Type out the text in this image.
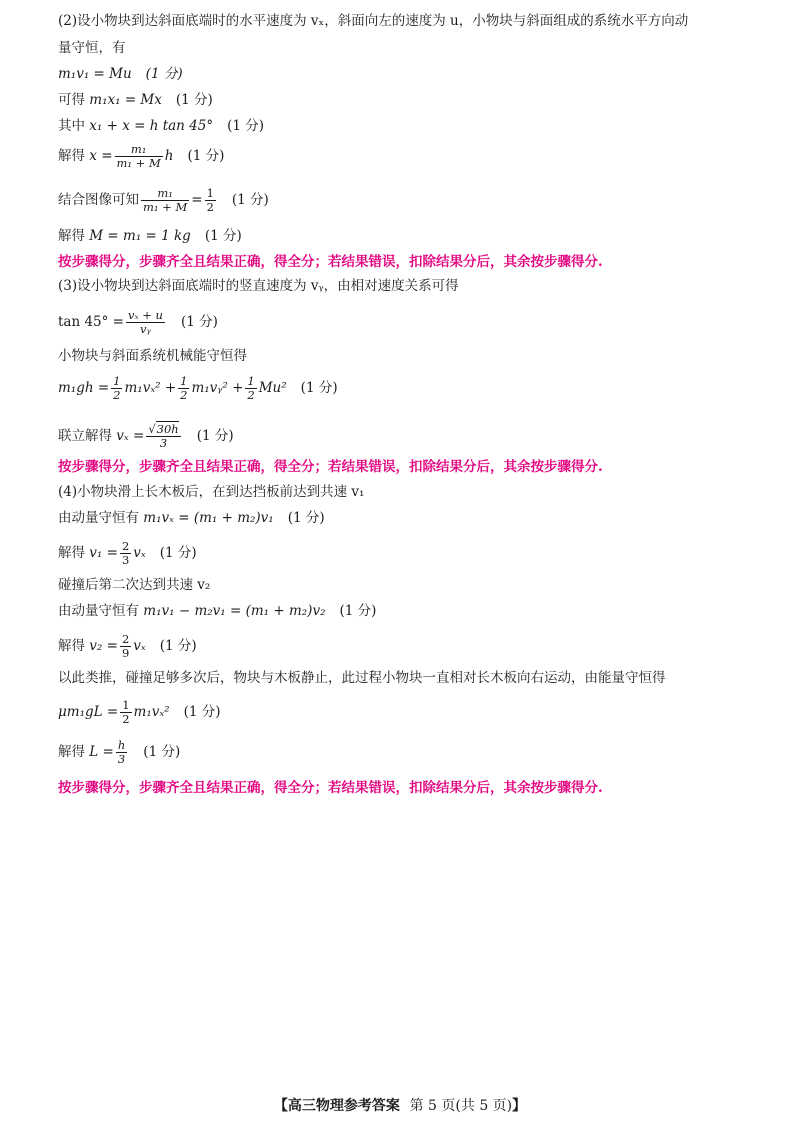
(2)设小物块到达斜面底端时的水平速度为 vₓ，斜面向左的速度为 u，小物块与斜面组成的系统水平方向动
量守恒，有
m₁v₁ = Mu (1 分)
可得 m₁x₁ = Mx (1 分)
其中 x₁ + x = h tan 45° (1 分)
解得 $x = \frac{\text{m₁}}{\text{m₁ + M}}$ h (1 分)
结合图像可知 $\frac{\text{m₁}}{\text{m₁ + M}} = \frac{1}{2} (1$ 分)
解得 M = m₁ = 1 kg (1 分)
按步骤得分，步骤齐全且结果正确，得全分；若结果错误，扣除结果分后，其余按步骤得分.
(3)设小物块到达斜面底端时的竖直速度为 vᵧ，由相对速度关系可得
$\tan 45^\circ = \frac{\text{vₓ + u}}{\text{vᵧ}} (1$ 分)
小物块与斜面系统机械能守恒得
$m_1gh = \frac{1}{2} m_1v_x^2 + \frac{1}{2}$ m₁vᵧ² + $\frac{1}{2} Mu^2$ (1 分)
联立解得 $v_x = \frac{√30h}{3} (1$ 分)
按步骤得分，步骤齐全且结果正确，得全分；若结果错误，扣除结果分后，其余按步骤得分.
(4)小物块滑上长木板后，在到达挡板前达到共速 v₁
由动量守恒有 m₁vₓ = (m₁ + m₂)v₁ (1 分)
解得 $v_1 = \frac{2}{3}$ vₓ (1 分)
碰撞后第二次达到共速 v₂
由动量守恒有 m₁v₁ − m₂v₁ = (m₁ + m₂)v₂ (1 分)
解得 $v_2 = \frac{2}{9}$ vₓ (1 分)
以此类推，碰撞足够多次后，物块与木板静止，此过程小物块一直相对长木板向右运动，由能量守恒得
$\mu m_1gL = \frac{1}{2} m_1v_x^2$ (1 分)
解得 $L = \frac{h}{3} (1$ 分)
按步骤得分，步骤齐全且结果正确，得全分；若结果错误，扣除结果分后，其余按步骤得分.
【高三物理参考答案 第 5 页(共 5 页)】
